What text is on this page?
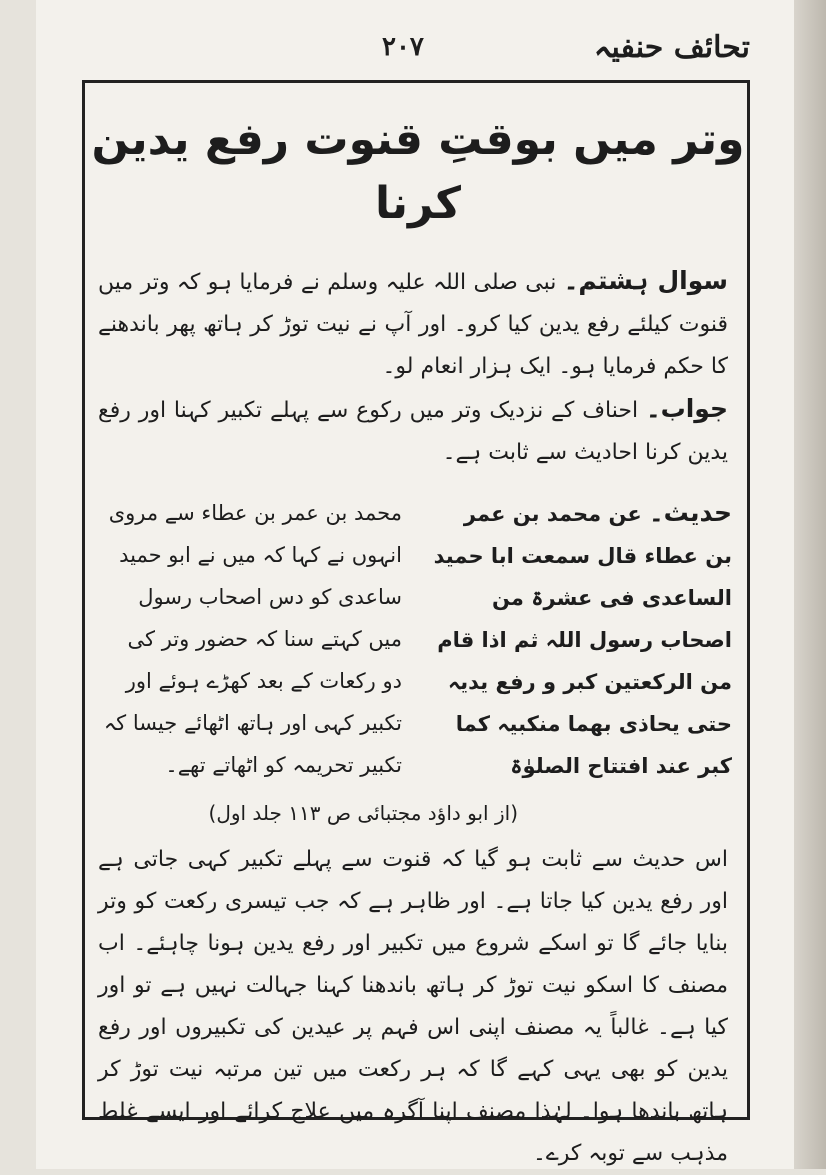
تحائف حنفیہ
۲۰۷
وتر میں بوقتِ قنوت رفع یدین کرنا

سوال ہشتم۔ نبی صلی اللہ علیہ وسلم نے فرمایا ہو کہ وتر میں قنوت کیلئے رفع یدین کیا کرو۔ اور آپ نے نیت توڑ کر ہاتھ پھر باندھنے کا حکم فرمایا ہو۔ ایک ہزار انعام لو۔

جواب۔ احناف کے نزدیک وتر میں رکوع سے پہلے تکبیر کہنا اور رفع یدین کرنا احادیث سے ثابت ہے۔

حدیث۔ عن محمد بن عمر بن عطاء قال سمعت ابا حمید الساعدی فی عشرۃ من اصحاب رسول اللہ ثم اذا قام من الرکعتین کبر و رفع یدیہ حتی یحاذی بھما منکبیہ کما کبر عند افتتاح الصلوٰۃ
محمد بن عمر بن عطاء سے مروی انہوں نے کہا کہ میں نے ابو حمید ساعدی کو دس اصحاب رسول میں کہتے سنا کہ حضور وتر کی دو رکعات کے بعد کھڑے ہوئے اور تکبیر کہی اور ہاتھ اٹھائے جیسا کہ تکبیر تحریمہ کو اٹھاتے تھے۔
(از ابو داؤد مجتبائی ص ۱۱۳ جلد اول)

اس حدیث سے ثابت ہو گیا کہ قنوت سے پہلے تکبیر کہی جاتی ہے اور رفع یدین کیا جاتا ہے۔ اور ظاہر ہے کہ جب تیسری رکعت کو وتر بنایا جائے گا تو اسکے شروع میں تکبیر اور رفع یدین ہونا چاہئے۔ اب مصنف کا اسکو نیت توڑ کر ہاتھ باندھنا کہنا جہالت نہیں ہے تو اور کیا ہے۔ غالباً یہ مصنف اپنی اس فہم پر عیدین کی تکبیروں اور رفع یدین کو بھی یہی کہے گا کہ ہر رکعت میں تین مرتبہ نیت توڑ کر ہاتھ باندھا ہوا۔ لہٰذا مصنف اپنا آگرہ میں علاج کرائے اور ایسے غلط مذہب سے توبہ کرے۔
